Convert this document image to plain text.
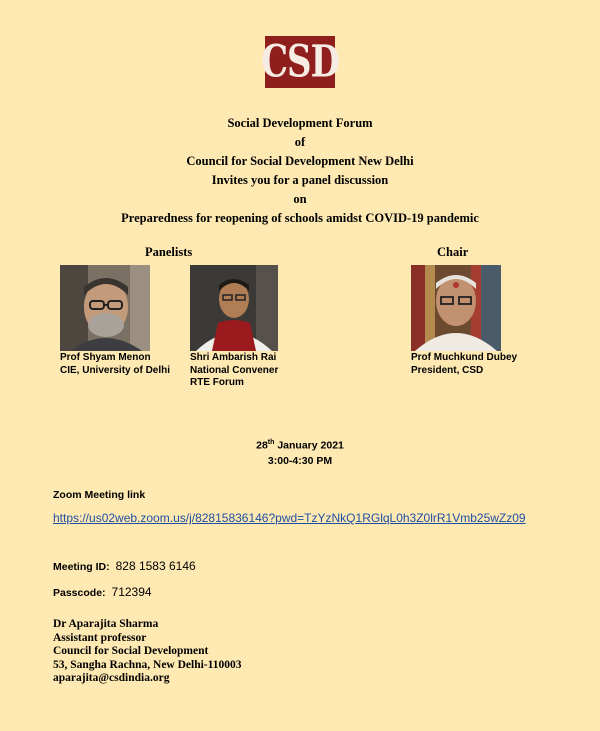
CSD
Social Development Forum
of
Council for Social Development New Delhi
Invites you for a panel discussion
on
Preparedness for reopening of schools amidst COVID-19 pandemic
Panelists	Chair
Prof Shyam Menon
CIE, University of Delhi
Shri Ambarish Rai
National Convener
RTE Forum
Prof Muchkund Dubey
President, CSD
28th January 2021
3:00-4:30 PM
Zoom Meeting link
https://us02web.zoom.us/j/82815836146?pwd=TzYzNkQ1RGlqL0h3Z0lrR1Vmb25wZz09
Meeting ID: 828 1583 6146
Passcode: 712394
Dr Aparajita Sharma
Assistant professor
Council for Social Development
53, Sangha Rachna, New Delhi-110003
aparajita@csdindia.org
